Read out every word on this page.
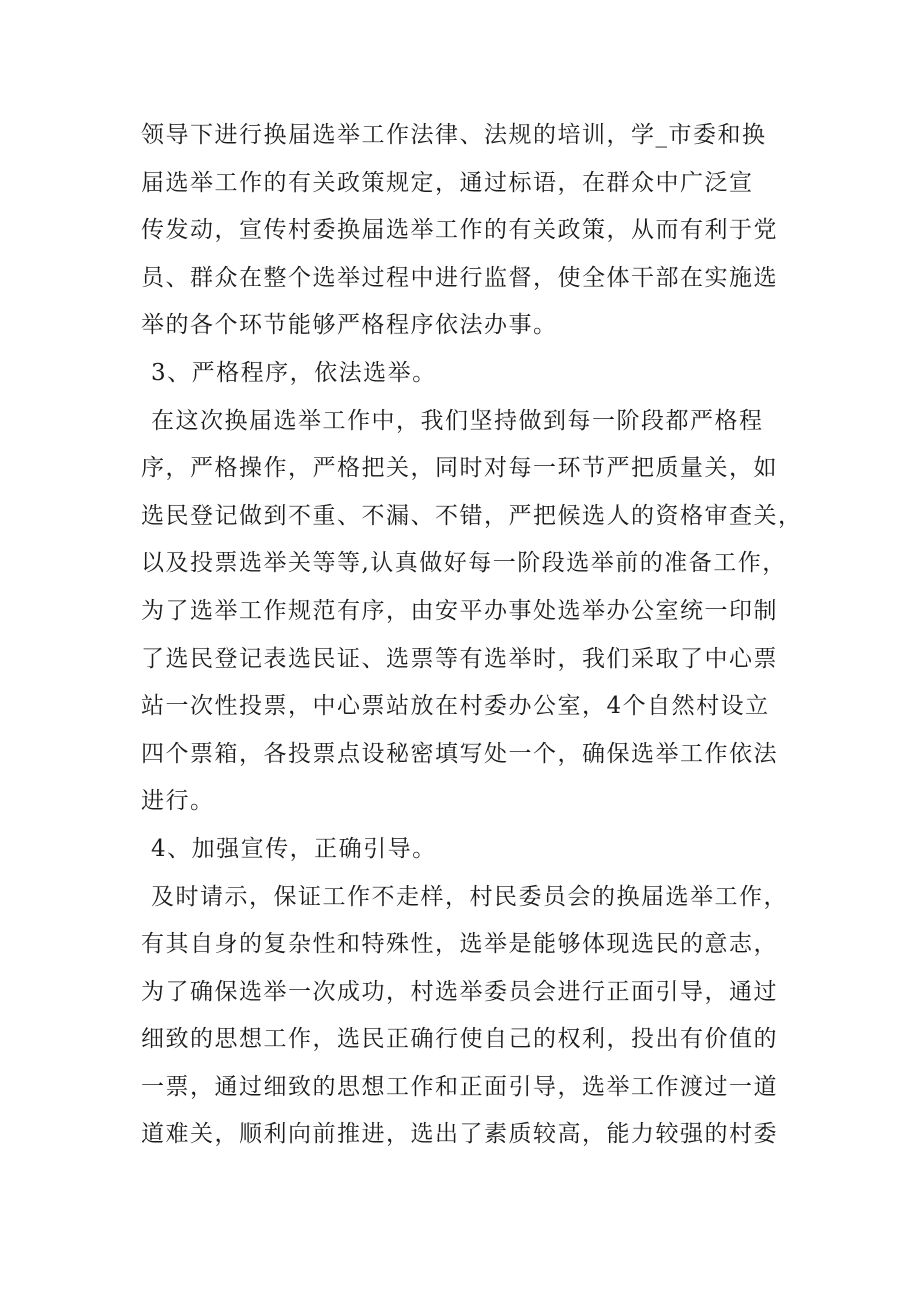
领导下进行换届选举工作法律、法规的培训，学_市委和换
届选举工作的有关政策规定，通过标语，在群众中广泛宣
传发动，宣传村委换届选举工作的有关政策，从而有利于党
员、群众在整个选举过程中进行监督，使全体干部在实施选
举的各个环节能够严格程序依法办事。
3、严格程序，依法选举。
在这次换届选举工作中，我们坚持做到每一阶段都严格程
序，严格操作，严格把关，同时对每一环节严把质量关，如
选民登记做到不重、不漏、不错，严把候选人的资格审查关，
以及投票选举关等等,认真做好每一阶段选举前的准备工作，
为了选举工作规范有序，由安平办事处选举办公室统一印制
了选民登记表选民证、选票等有选举时，我们采取了中心票
站一次性投票，中心票站放在村委办公室，4个自然村设立
四个票箱，各投票点设秘密填写处一个，确保选举工作依法
进行。
4、加强宣传，正确引导。
及时请示，保证工作不走样，村民委员会的换届选举工作，
有其自身的复杂性和特殊性，选举是能够体现选民的意志，
为了确保选举一次成功，村选举委员会进行正面引导，通过
细致的思想工作，选民正确行使自己的权利，投出有价值的
一票，通过细致的思想工作和正面引导，选举工作渡过一道
道难关，顺利向前推进，选出了素质较高，能力较强的村委
